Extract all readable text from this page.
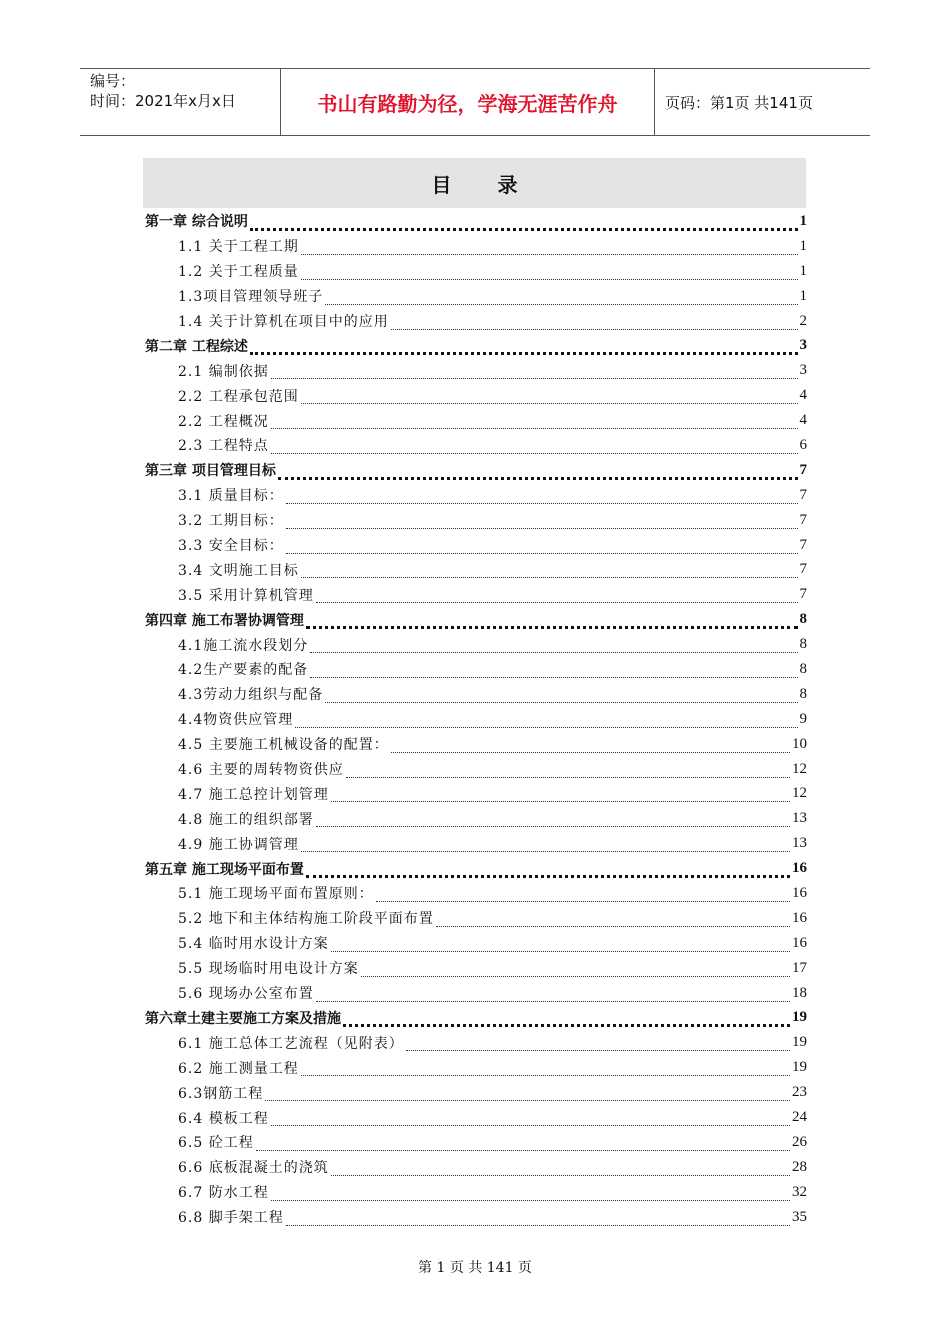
编号：
时间：2021年x月x日	书山有路勤为径，学海无涯苦作舟	页码：第1页 共141页
目录
第一章 综合说明	1
1.1 关于工程工期	1
1.2 关于工程质量	1
1.3项目管理领导班子	1
1.4 关于计算机在项目中的应用	2
第二章 工程综述	3
2.1 编制依据	3
2.2 工程承包范围	4
2.2 工程概况	4
2.3 工程特点	6
第三章 项目管理目标	7
3.1 质量目标：	7
3.2 工期目标：	7
3.3 安全目标：	7
3.4 文明施工目标	7
3.5 采用计算机管理	7
第四章 施工布署协调管理	8
4.1施工流水段划分	8
4.2生产要素的配备	8
4.3劳动力组织与配备	8
4.4物资供应管理	9
4.5 主要施工机械设备的配置：	10
4.6 主要的周转物资供应	12
4.7 施工总控计划管理	12
4.8 施工的组织部署	13
4.9 施工协调管理	13
第五章 施工现场平面布置	16
5.1 施工现场平面布置原则：	16
5.2 地下和主体结构施工阶段平面布置	16
5.4 临时用水设计方案	16
5.5 现场临时用电设计方案	17
5.6 现场办公室布置	18
第六章土建主要施工方案及措施	19
6.1 施工总体工艺流程（见附表）	19
6.2 施工测量工程	19
6.3钢筋工程	23
6.4 模板工程	24
6.5 砼工程	26
6.6 底板混凝土的浇筑	28
6.7 防水工程	32
6.8 脚手架工程	35
第 1 页 共 141 页
